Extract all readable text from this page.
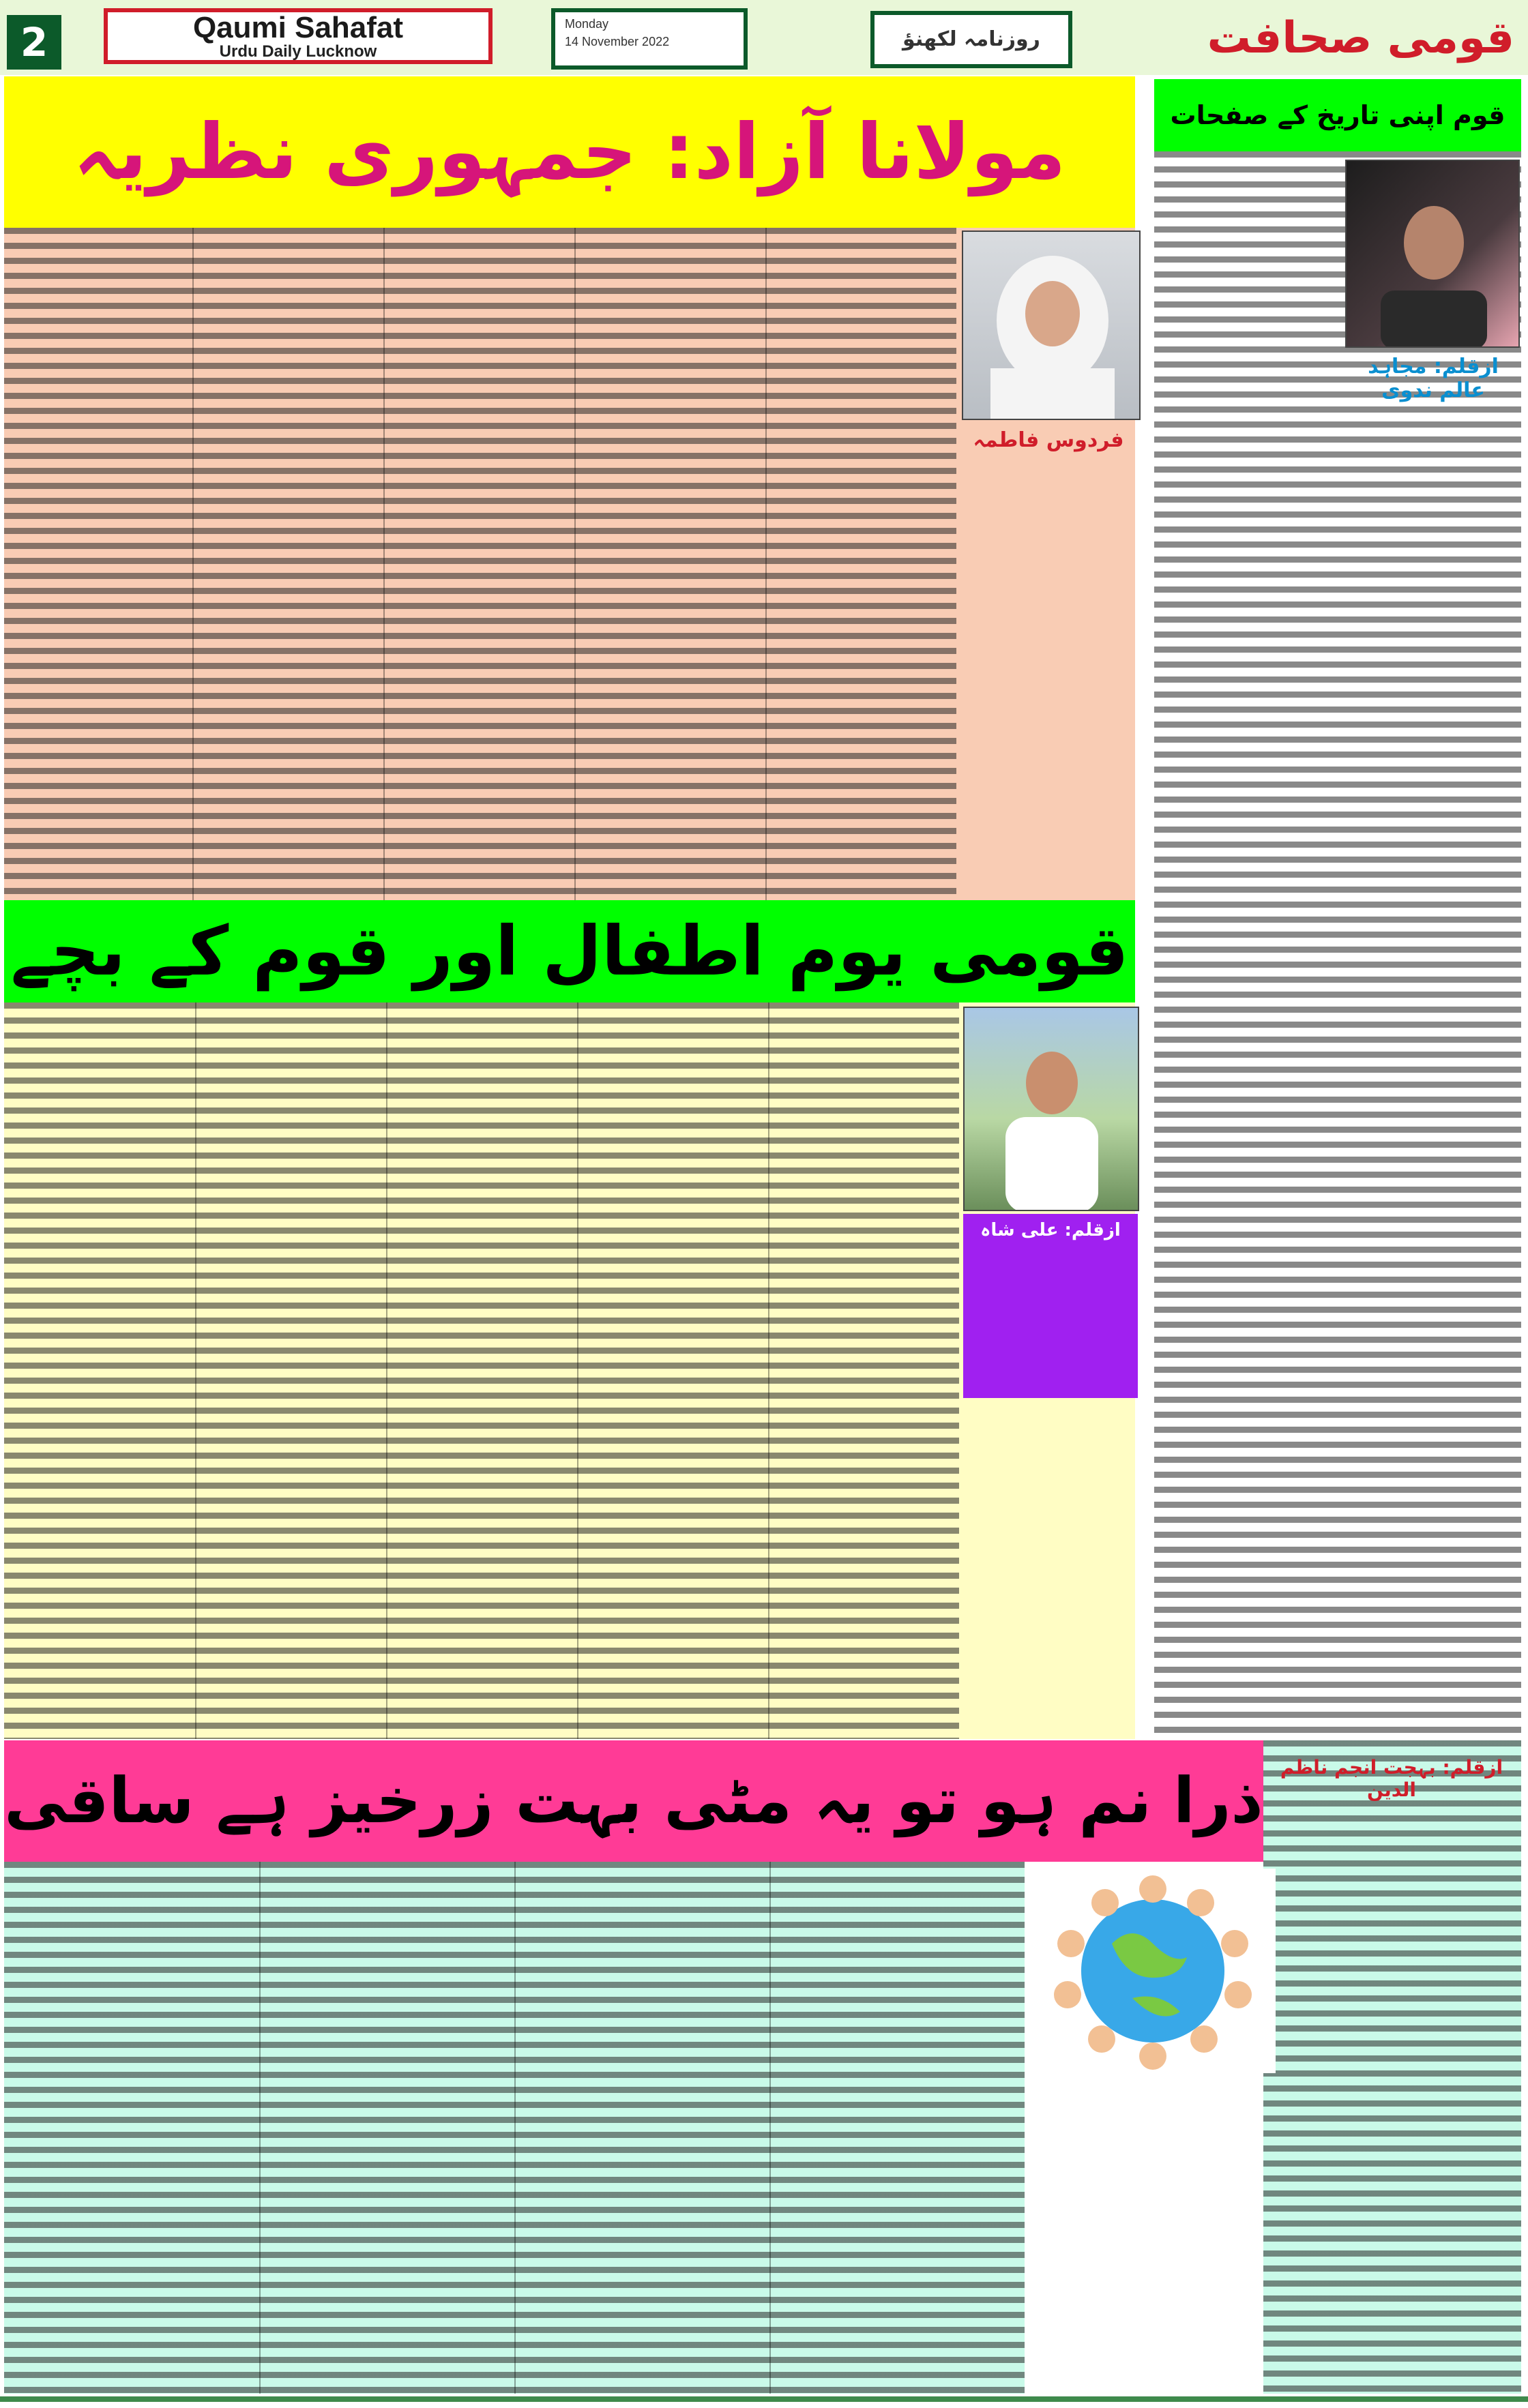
2	Qaumi Sahafat
Urdu Daily Lucknow
Monday
14 November 2022	روزنامہ لکھنؤ	قومی صحافت
مولانا آزاد: جمہوری نظریہ
فردوس فاطمہ
قومی یوم اطفال اور قوم کے بچے
ازقلم: علی شاہ
قوم اپنی تاریخ کے صفحات
ازقلم: مجاہد عالم ندوی
ذرا نم ہو تو یہ مٹی بہت زرخیز ہے ساقی ازقلم: بہجت انجم ناظم الدین
